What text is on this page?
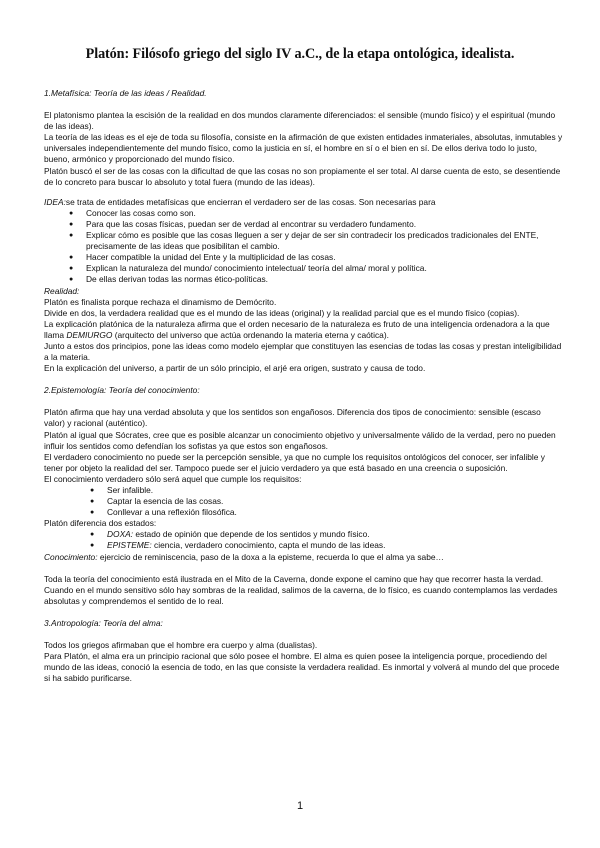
Platón: Filósofo griego del siglo IV a.C., de la etapa ontológica, idealista.

1.Metafísica: Teoría de las ideas / Realidad.

El platonismo plantea la escisión de la realidad en dos mundos claramente diferenciados: el sensible (mundo físico) y el espiritual (mundo de las ideas).

La teoría de las ideas es el eje de toda su filosofía, consiste en la afirmación de que existen entidades inmateriales, absolutas, inmutables y universales independientemente del mundo físico, como la justicia en sí, el hombre en sí o el bien en sí. De ellos deriva todo lo justo, bueno, armónico y proporcionado del mundo físico.

Platón buscó el ser de las cosas con la dificultad de que las cosas no son propiamente el ser total. Al darse cuenta de esto, se desentiende de lo concreto para buscar lo absoluto y total fuera (mundo de las ideas).

IDEA:se trata de entidades metafísicas que encierran el verdadero ser de las cosas. Son necesarias para

● Conocer las cosas como son.
● Para que las cosas físicas, puedan ser de verdad al encontrar su verdadero fundamento.
● Explicar cómo es posible que las cosas lleguen a ser y dejar de ser sin contradecir los predicados tradicionales del ENTE, precisamente de las ideas que posibilitan el cambio.
● Hacer compatible la unidad del Ente y la multiplicidad de las cosas.
● Explican la naturaleza del mundo/ conocimiento intelectual/ teoría del alma/ moral y política.
● De ellas derivan todas las normas ético-políticas.

Realidad:

Platón es finalista porque rechaza el dinamismo de Demócrito.

Divide en dos, la verdadera realidad que es el mundo de las ideas (original) y la realidad parcial que es el mundo físico (copias).

La explicación platónica de la naturaleza afirma que el orden necesario de la naturaleza es fruto de una inteligencia ordenadora a la que llama DEMIURGO (arquitecto del universo que actúa ordenando la materia eterna y caótica).

Junto a estos dos principios, pone las ideas como modelo ejemplar que constituyen las esencias de todas las cosas y prestan inteligibilidad a la materia.

En la explicación del universo, a partir de un sólo principio, el arjé era origen, sustrato y causa de todo.

2.Epistemología: Teoría del conocimiento:

Platón afirma que hay una verdad absoluta y que los sentidos son engañosos. Diferencia dos tipos de conocimiento: sensible (escaso valor) y racional (auténtico).

Platón al igual que Sócrates, cree que es posible alcanzar un conocimiento objetivo y universalmente válido de la verdad, pero no pueden influir los sentidos como defendían los sofistas ya que estos son engañosos.

El verdadero conocimiento no puede ser la percepción sensible, ya que no cumple los requisitos ontológicos del conocer, ser infalible y tener por objeto la realidad del ser. Tampoco puede ser el juicio verdadero ya que está basado en una creencia o suposición.

El conocimiento verdadero sólo será aquel que cumple los requisitos:

● Ser infalible.
● Captar la esencia de las cosas.
● Conllevar a una reflexión filosófica.

Platón diferencia dos estados:

● DOXA: estado de opinión que depende de los sentidos y mundo físico.
● EPISTEME: ciencia, verdadero conocimiento, capta el mundo de las ideas.

Conocimiento: ejercicio de reminiscencia, paso de la doxa a la episteme, recuerda lo que el alma ya sabe…

Toda la teoría del conocimiento está ilustrada en el Mito de la Caverna, donde expone el camino que hay que recorrer hasta la verdad. Cuando en el mundo sensitivo sólo hay sombras de la realidad, salimos de la caverna, de lo físico, es cuando contemplamos las verdades absolutas y comprendemos el sentido de lo real.

3.Antropología: Teoría del alma:

Todos los griegos afirmaban que el hombre era cuerpo y alma (dualistas).

Para Platón, el alma era un principio racional que sólo posee el hombre. El alma es quien posee la inteligencia porque, procediendo del mundo de las ideas, conoció la esencia de todo, en las que consiste la verdadera realidad. Es inmortal y volverá al mundo del que procede si ha sabido purificarse.

1
